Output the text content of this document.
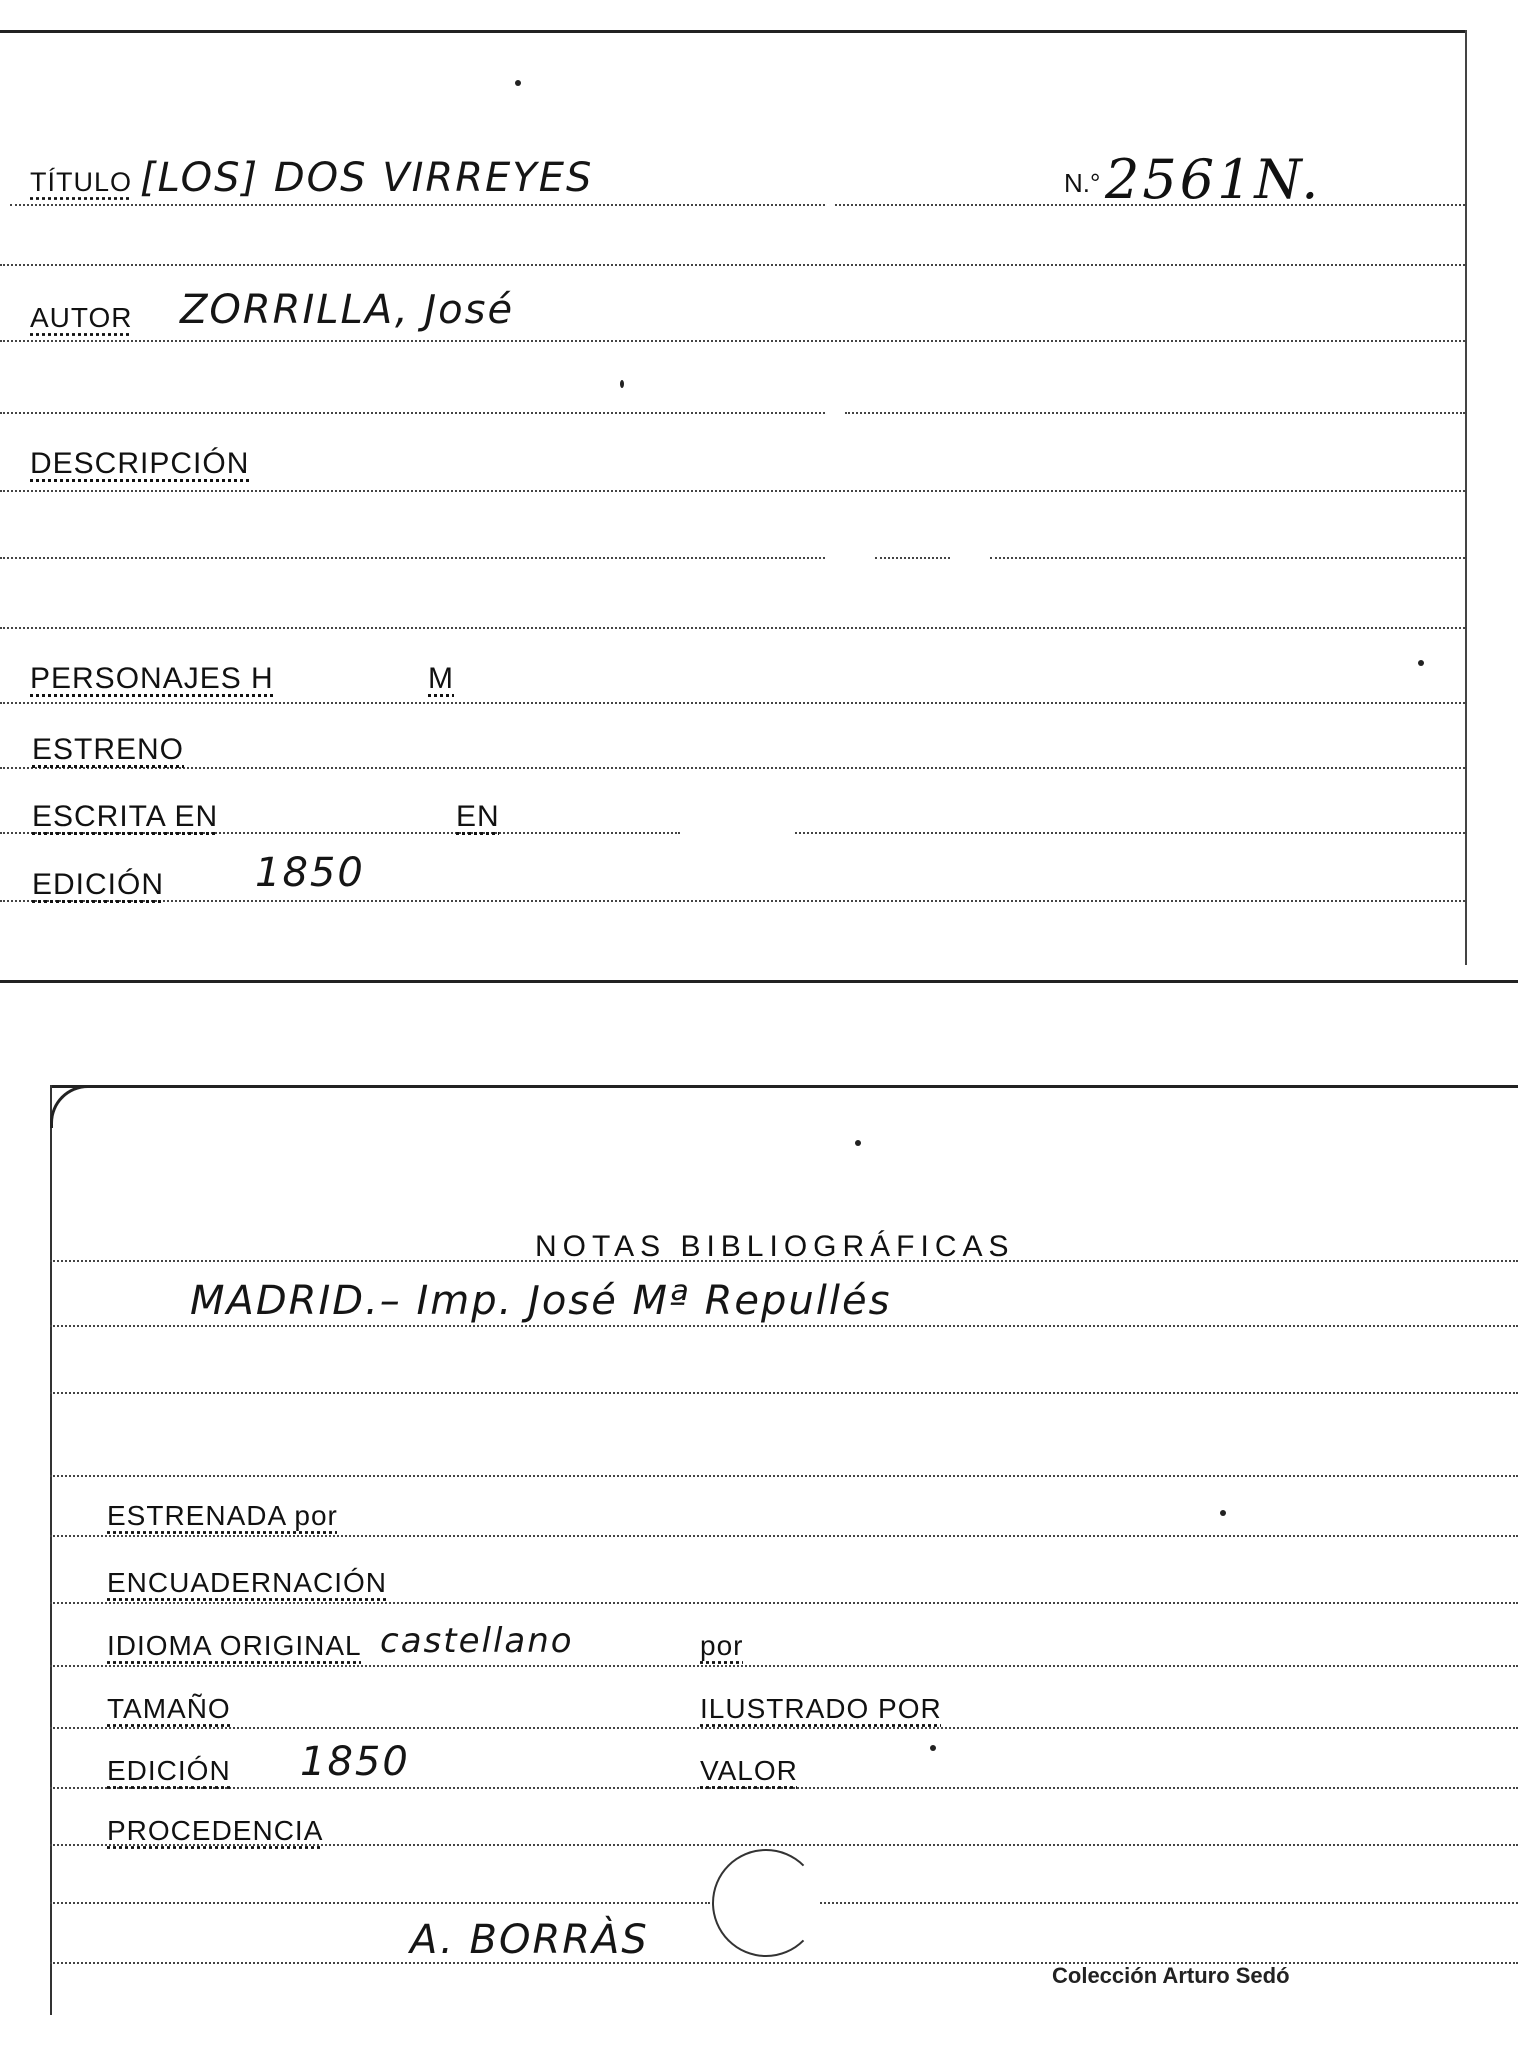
TÍTULO [LOS] DOS VIRREYES	N.° 2561N.
AUTOR ZORRILLA, José
DESCRIPCIÓN
PERSONAJES H	M
ESTRENO
ESCRITA EN	EN
EDICIÓN 1850
NOTAS BIBLIOGRÁFICAS
MADRID.– Imp. José Mª Repullés
ESTRENADA por
ENCUADERNACIÓN
IDIOMA ORIGINAL castellano	por
TAMAÑO	ILUSTRADO POR
EDICIÓN 1850	VALOR
PROCEDENCIA
A. BORRÀS
Colección Arturo Sedó
